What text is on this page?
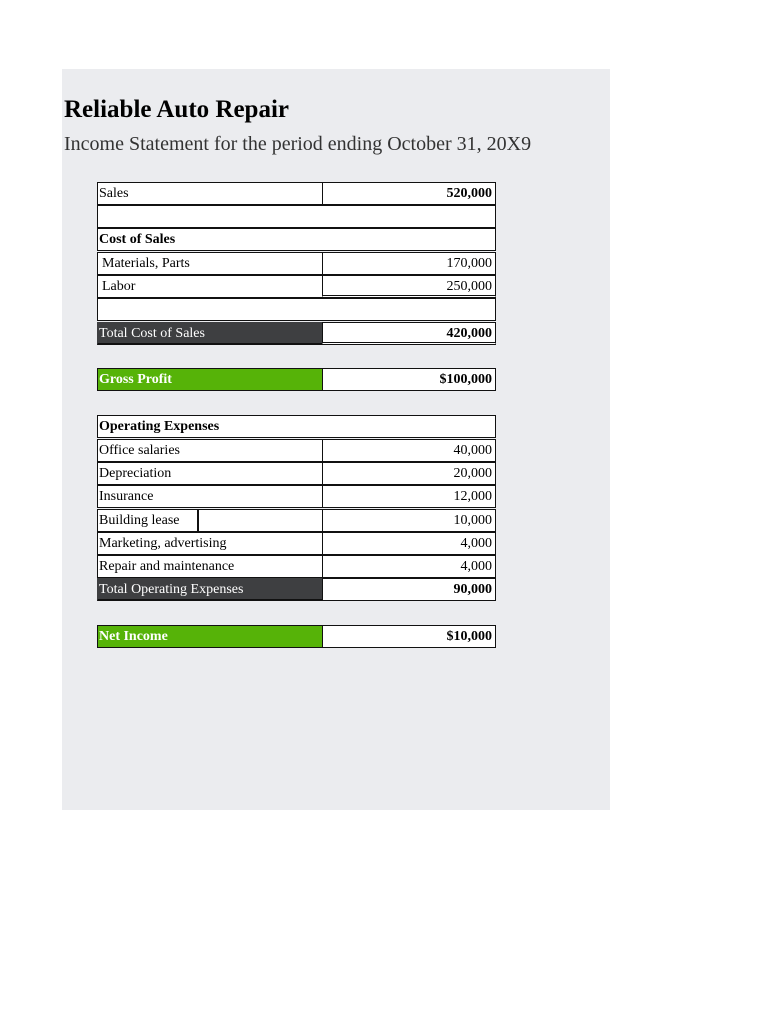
Reliable Auto Repair
Income Statement for the period ending October 31, 20X9
Sales	520,000
Cost of Sales
Materials, Parts	170,000
Labor	250,000
Total Cost of Sales	420,000
Gross Profit	$100,000
Operating Expenses
Office salaries	40,000
Depreciation	20,000
Insurance	12,000
Building lease	10,000
Marketing, advertising	4,000
Repair and maintenance	4,000
Total Operating Expenses	90,000
Net Income	$10,000
